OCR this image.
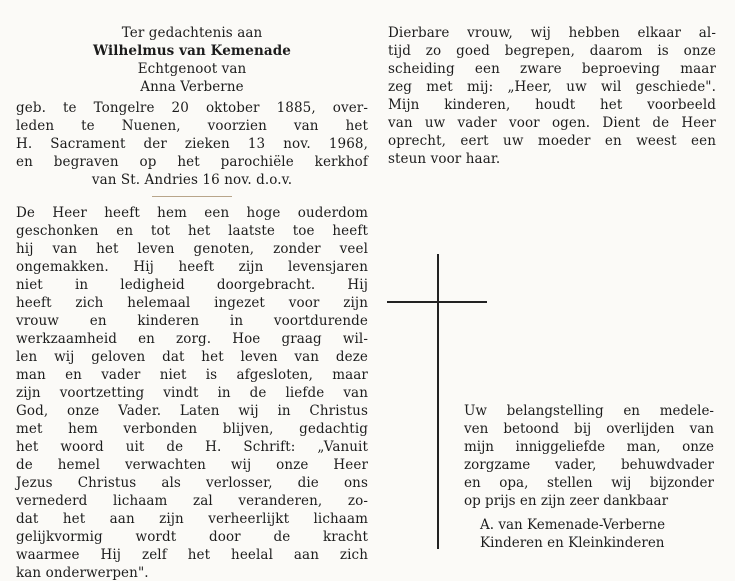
Ter gedachtenis aan
Wilhelmus van Kemenade
Echtgenoot van
Anna Verberne
geb. te Tongelre 20 oktober 1885, over-
leden te Nuenen, voorzien van het
H. Sacrament der zieken 13 nov. 1968,
en begraven op het parochiële kerkhof
van St. Andries 16 nov. d.o.v.
De Heer heeft hem een hoge ouderdom
geschonken en tot het laatste toe heeft
hij van het leven genoten, zonder veel
ongemakken. Hij heeft zijn levensjaren
niet in ledigheid doorgebracht. Hij
heeft zich helemaal ingezet voor zijn
vrouw en kinderen in voortdurende
werkzaamheid en zorg. Hoe graag wil-
len wij geloven dat het leven van deze
man en vader niet is afgesloten, maar
zijn voortzetting vindt in de liefde van
God, onze Vader. Laten wij in Christus
met hem verbonden blijven, gedachtig
het woord uit de H. Schrift: „Vanuit
de hemel verwachten wij onze Heer
Jezus Christus als verlosser, die ons
vernederd lichaam zal veranderen, zo-
dat het aan zijn verheerlijkt lichaam
gelijkvormig wordt door de kracht
waarmee Hij zelf het heelal aan zich
kan onderwerpen".
Dierbare vrouw, wij hebben elkaar al-
tijd zo goed begrepen, daarom is onze
scheiding een zware beproeving maar
zeg met mij: „Heer, uw wil geschiede".
Mijn kinderen, houdt het voorbeeld
van uw vader voor ogen. Dient de Heer
oprecht, eert uw moeder en weest een
steun voor haar.
Uw belangstelling en medele-
ven betoond bij overlijden van
mijn inniggeliefde man, onze
zorgzame vader, behuwdvader
en opa, stellen wij bijzonder
op prijs en zijn zeer dankbaar
A. van Kemenade-Verberne
Kinderen en Kleinkinderen
